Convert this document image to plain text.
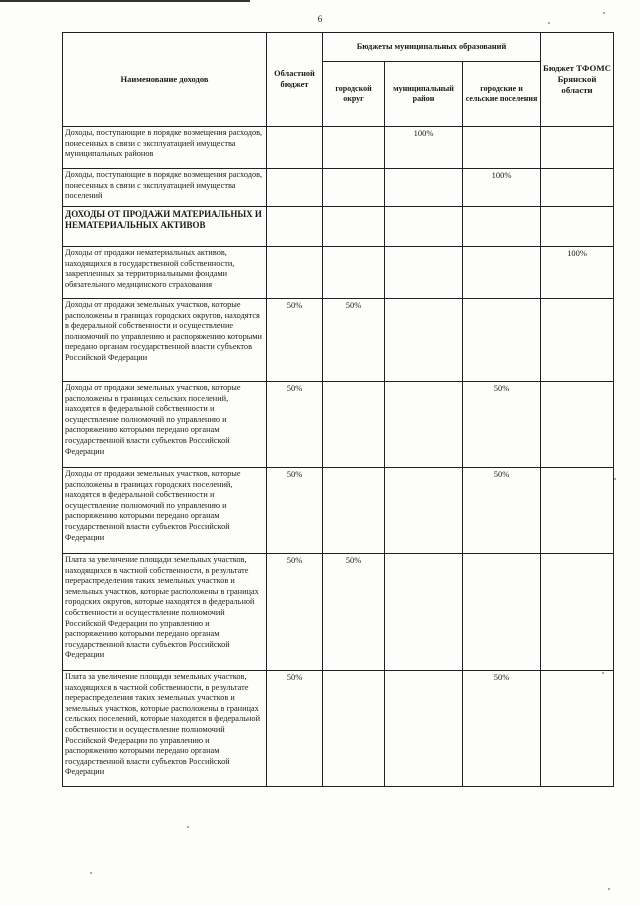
6
Наименование доходов	Областной бюджет	Бюджеты муниципальных образований			Бюджет ТФОМС Брянской области
		городской округ	муниципальный район	городские и сельские поселения	
Доходы, поступающие в порядке возмещения расходов, понесенных в связи с эксплуатацией имущества муниципальных районов			100%		
Доходы, поступающие в порядке возмещения расходов, понесенных в связи с эксплуатацией имущества поселений				100%	
ДОХОДЫ ОТ ПРОДАЖИ МАТЕРИАЛЬНЫХ И НЕМАТЕРИАЛЬНЫХ АКТИВОВ					
Доходы от продажи нематериальных активов, находящихся в государственной собственности, закрепленных за территориальными фондами обязательного медицинского страхования					100%
Доходы от продажи земельных участков, которые расположены в границах городских округов, находятся в федеральной собственности и осуществление полномочий по управлению и распоряжению которыми передано органам государственной власти субъектов Российской Федерации	50%	50%			
Доходы от продажи земельных участков, которые расположены в границах сельских поселений, находятся в федеральной собственности и осуществление полномочий по управлению и распоряжению которыми передано органам государственной власти субъектов Российской Федерации	50%			50%	
Доходы от продажи земельных участков, которые расположены в границах городских поселений, находятся в федеральной собственности и осуществление полномочий по управлению и распоряжению которыми передано органам государственной власти субъектов Российской Федерации	50%			50%	
Плата за увеличение площади земельных участков, находящихся в частной собственности, в результате перераспределения таких земельных участков и земельных участков, которые расположены в границах городских округов, которые находятся в федеральной собственности и осуществление полномочий Российской Федерации по управлению и распоряжению которыми передано органам государственной власти субъектов Российской Федерации	50%	50%			
Плата за увеличение площади земельных участков, находящихся в частной собственности, в результате перераспределения таких земельных участков и земельных участков, которые расположены в границах сельских поселений, которые находятся в федеральной собственности и осуществление полномочий Российской Федерации по управлению и распоряжению которыми передано органам государственной власти субъектов Российской Федерации	50%			50%	
